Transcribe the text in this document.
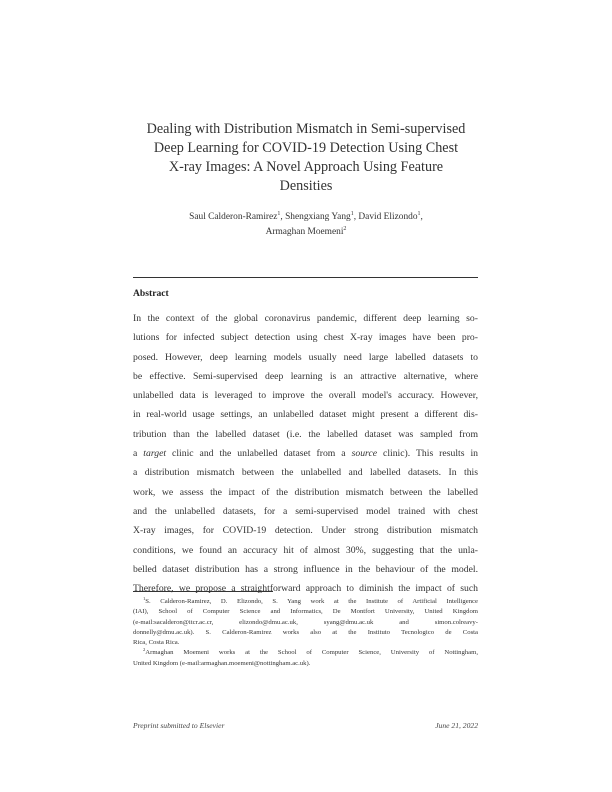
Dealing with Distribution Mismatch in Semi-supervised
Deep Learning for COVID-19 Detection Using Chest
X-ray Images: A Novel Approach Using Feature
Densities
Saul Calderon-Ramirez$^1$, Shengxiang Yang$^1$, David Elizondo$^1$,
Armaghan Moemeni$^2$
Abstract
In the context of the global coronavirus pandemic, different deep learning so-
lutions for infected subject detection using chest X-ray images have been pro-
posed. However, deep learning models usually need large labelled datasets to
be effective. Semi-supervised deep learning is an attractive alternative, where
unlabelled data is leveraged to improve the overall model's accuracy. However,
in real-world usage settings, an unlabelled dataset might present a different dis-
tribution than the labelled dataset (i.e. the labelled dataset was sampled from
a target clinic and the unlabelled dataset from a source clinic). This results in
a distribution mismatch between the unlabelled and labelled datasets. In this
work, we assess the impact of the distribution mismatch between the labelled
and the unlabelled datasets, for a semi-supervised model trained with chest
X-ray images, for COVID-19 detection. Under strong distribution mismatch
conditions, we found an accuracy hit of almost 30%, suggesting that the unla-
belled dataset distribution has a strong influence in the behaviour of the model.
Therefore, we propose a straightforward approach to diminish the impact of such
$^1$S. Calderon-Ramirez, D. Elizondo, S. Yang work at the Institute of Artificial Intelligence
(IAI), School of Computer Science and Informatics, De Montfort University, United Kingdom
(e-mail:sacalderon@itcr.ac.cr, elizondo@dmu.ac.uk, syang@dmu.ac.uk and simon.colreavy-
donnelly@dmu.ac.uk). S. Calderon-Ramirez works also at the Instituto Tecnologico de Costa
Rica, Costa Rica.
$^2$Armaghan Moemeni works at the School of Computer Science, University of Nottingham,
United Kingdom (e-mail:armaghan.moemeni@nottingham.ac.uk).
Preprint submitted to Elsevier	June 21, 2022
